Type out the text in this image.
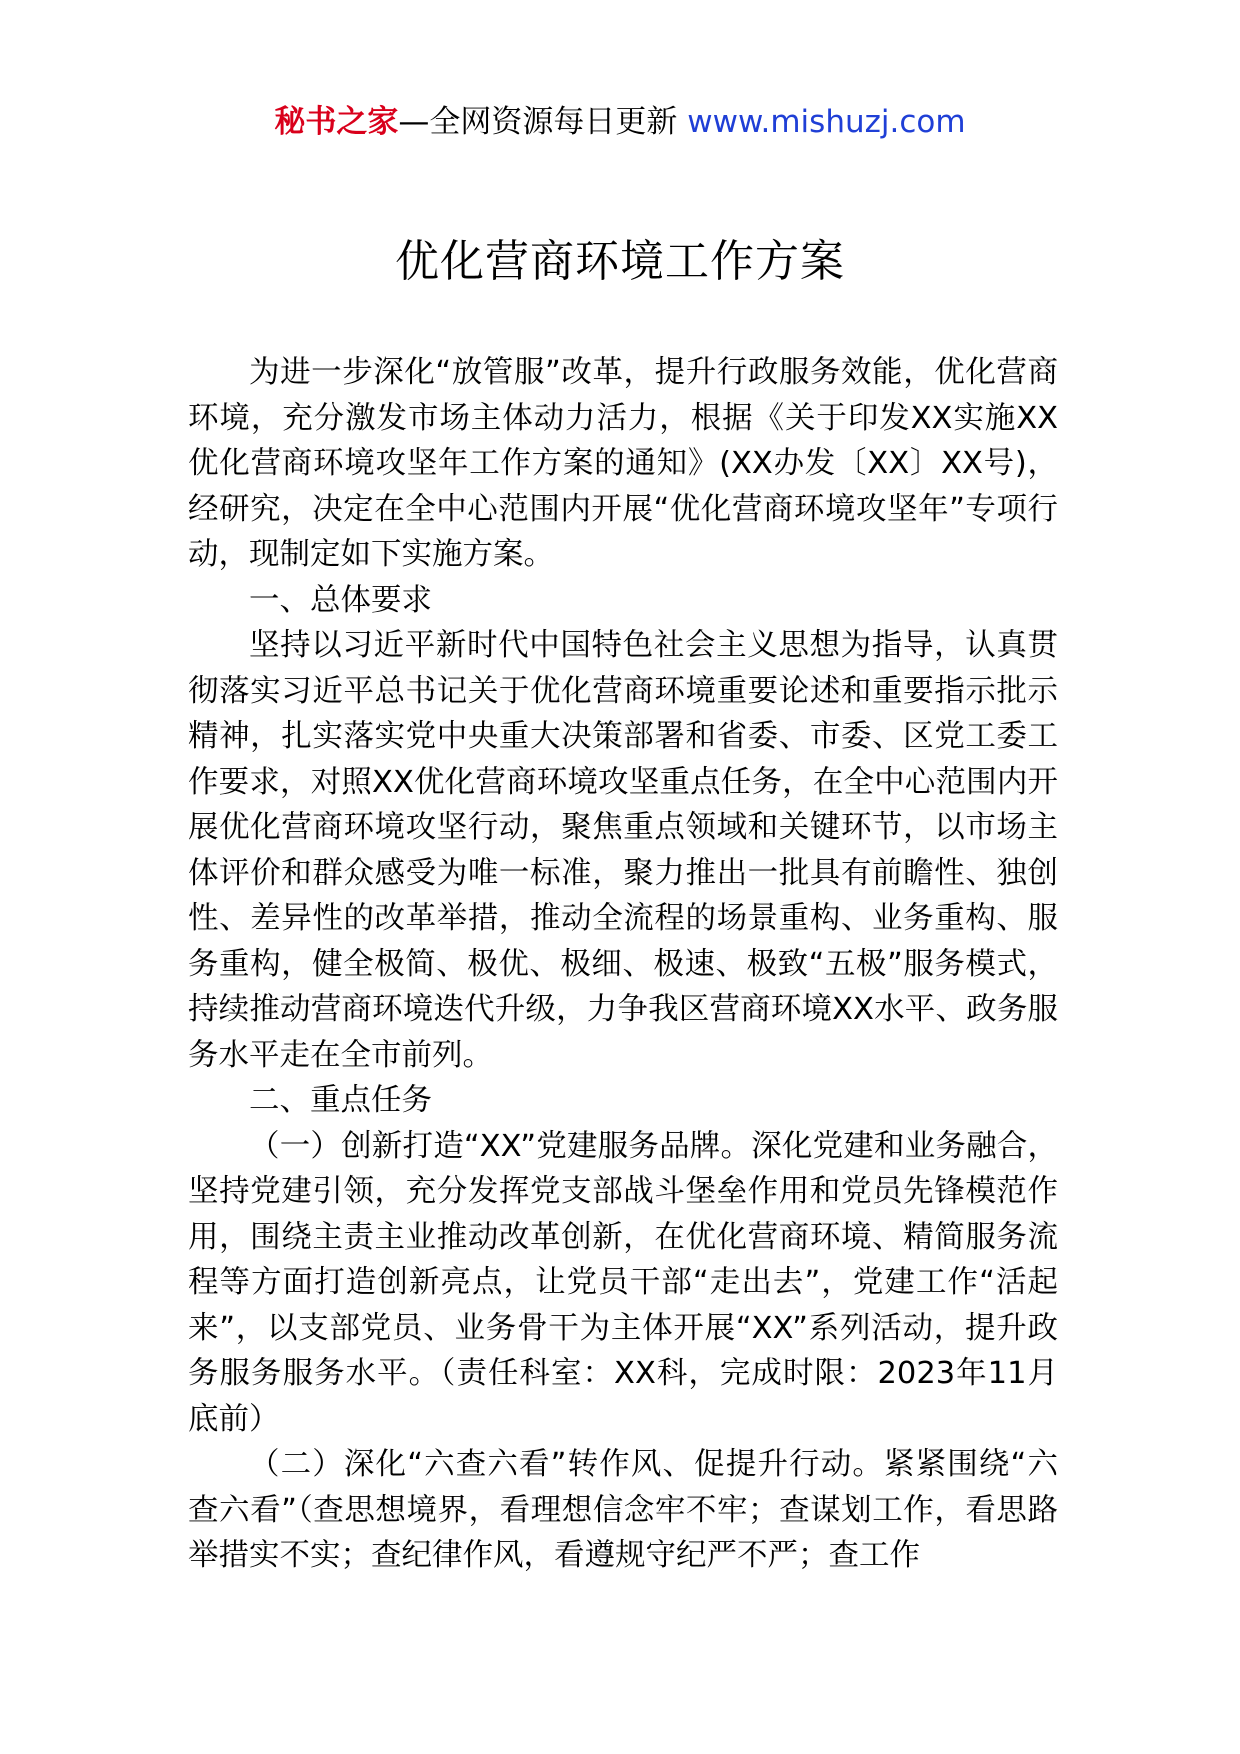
秘书之家—全网资源每日更新 www.mishuzj.com
优化营商环境工作方案

为进一步深化“放管服”改革，提升行政服务效能，优化营商环境，充分激发市场主体动力活力，根据《关于印发XX实施XX优化营商环境攻坚年工作方案的通知》(XX办发〔XX〕XX号)，经研究，决定在全中心范围内开展“优化营商环境攻坚年”专项行动，现制定如下实施方案。

一、总体要求

坚持以习近平新时代中国特色社会主义思想为指导，认真贯彻落实习近平总书记关于优化营商环境重要论述和重要指示批示精神，扎实落实党中央重大决策部署和省委、市委、区党工委工作要求，对照XX优化营商环境攻坚重点任务，在全中心范围内开展优化营商环境攻坚行动，聚焦重点领域和关键环节，以市场主体评价和群众感受为唯一标准，聚力推出一批具有前瞻性、独创性、差异性的改革举措，推动全流程的场景重构、业务重构、服务重构，健全极简、极优、极细、极速、极致“五极”服务模式，持续推动营商环境迭代升级，力争我区营商环境XX水平、政务服务水平走在全市前列。

二、重点任务

（一）创新打造“XX”党建服务品牌。深化党建和业务融合，坚持党建引领，充分发挥党支部战斗堡垒作用和党员先锋模范作用，围绕主责主业推动改革创新，在优化营商环境、精简服务流程等方面打造创新亮点，让党员干部“走出去”，党建工作“活起来”，以支部党员、业务骨干为主体开展“XX”系列活动，提升政务服务服务水平。（责任科室：XX科，完成时限：2023年11月底前）

（二）深化“六查六看”转作风、促提升行动。紧紧围绕“六查六看”（查思想境界，看理想信念牢不牢；查谋划工作，看思路举措实不实；查纪律作风，看遵规守纪严不严；查工作
